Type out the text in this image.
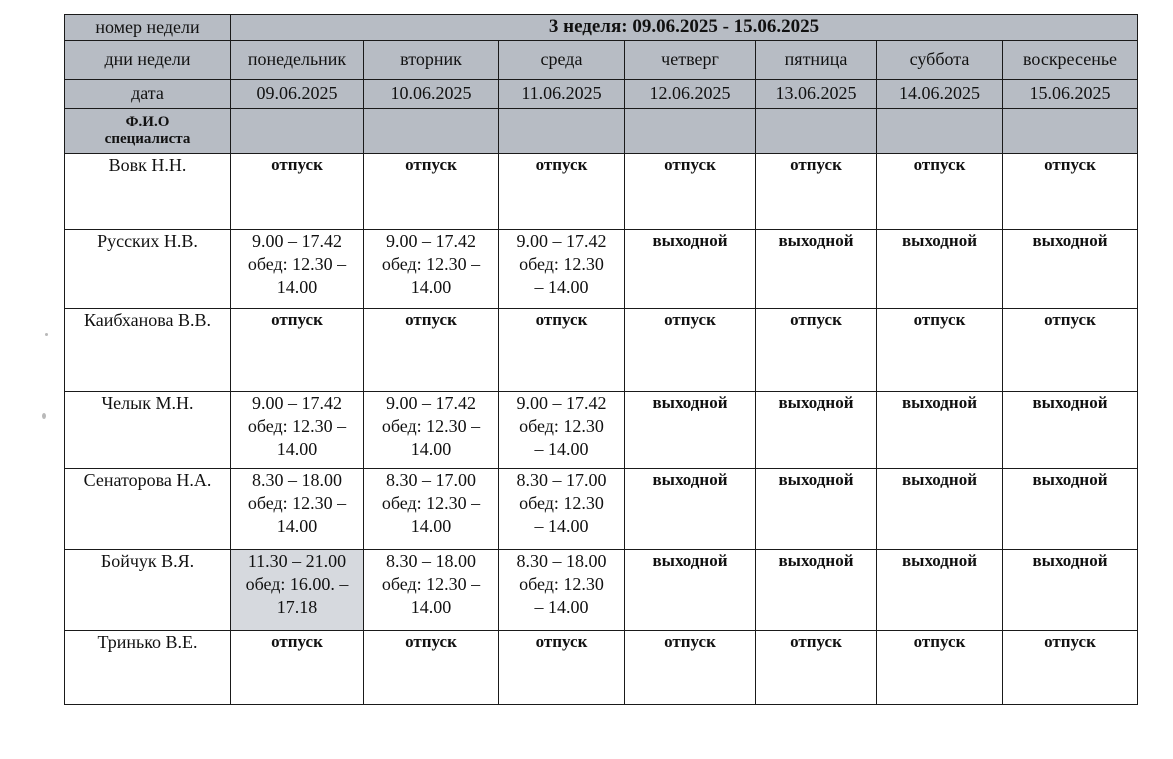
номер недели	3 неделя: 09.06.2025 - 15.06.2025						
дни недели	понедельник	вторник	среда	четверг	пятница	суббота	воскресенье
дата	09.06.2025	10.06.2025	11.06.2025	12.06.2025	13.06.2025	14.06.2025	15.06.2025

Ф.И.О
специалиста							

Вовк Н.Н.	отпуск	отпуск	отпуск	отпуск	отпуск	отпуск	отпуск

Русских Н.В.	9.00 – 17.42
обед: 12.30 –
14.00	9.00 – 17.42
обед: 12.30 –
14.00	9.00 – 17.42
обед: 12.30
– 14.00	выходной	выходной	выходной	выходной

Каибханова В.В.	отпуск	отпуск	отпуск	отпуск	отпуск	отпуск	отпуск

Челык М.Н.	9.00 – 17.42
обед: 12.30 –
14.00	9.00 – 17.42
обед: 12.30 –
14.00	9.00 – 17.42
обед: 12.30
– 14.00	выходной	выходной	выходной	выходной

Сенаторова Н.А.	8.30 – 18.00
обед: 12.30 –
14.00	8.30 – 17.00
обед: 12.30 –
14.00	8.30 – 17.00
обед: 12.30
– 14.00	выходной	выходной	выходной	выходной

Бойчук В.Я.	11.30 – 21.00
обед: 16.00. –
17.18	8.30 – 18.00
обед: 12.30 –
14.00	8.30 – 18.00
обед: 12.30
– 14.00	выходной	выходной	выходной	выходной

Тринько В.Е.	отпуск	отпуск	отпуск	отпуск	отпуск	отпуск	отпуск
